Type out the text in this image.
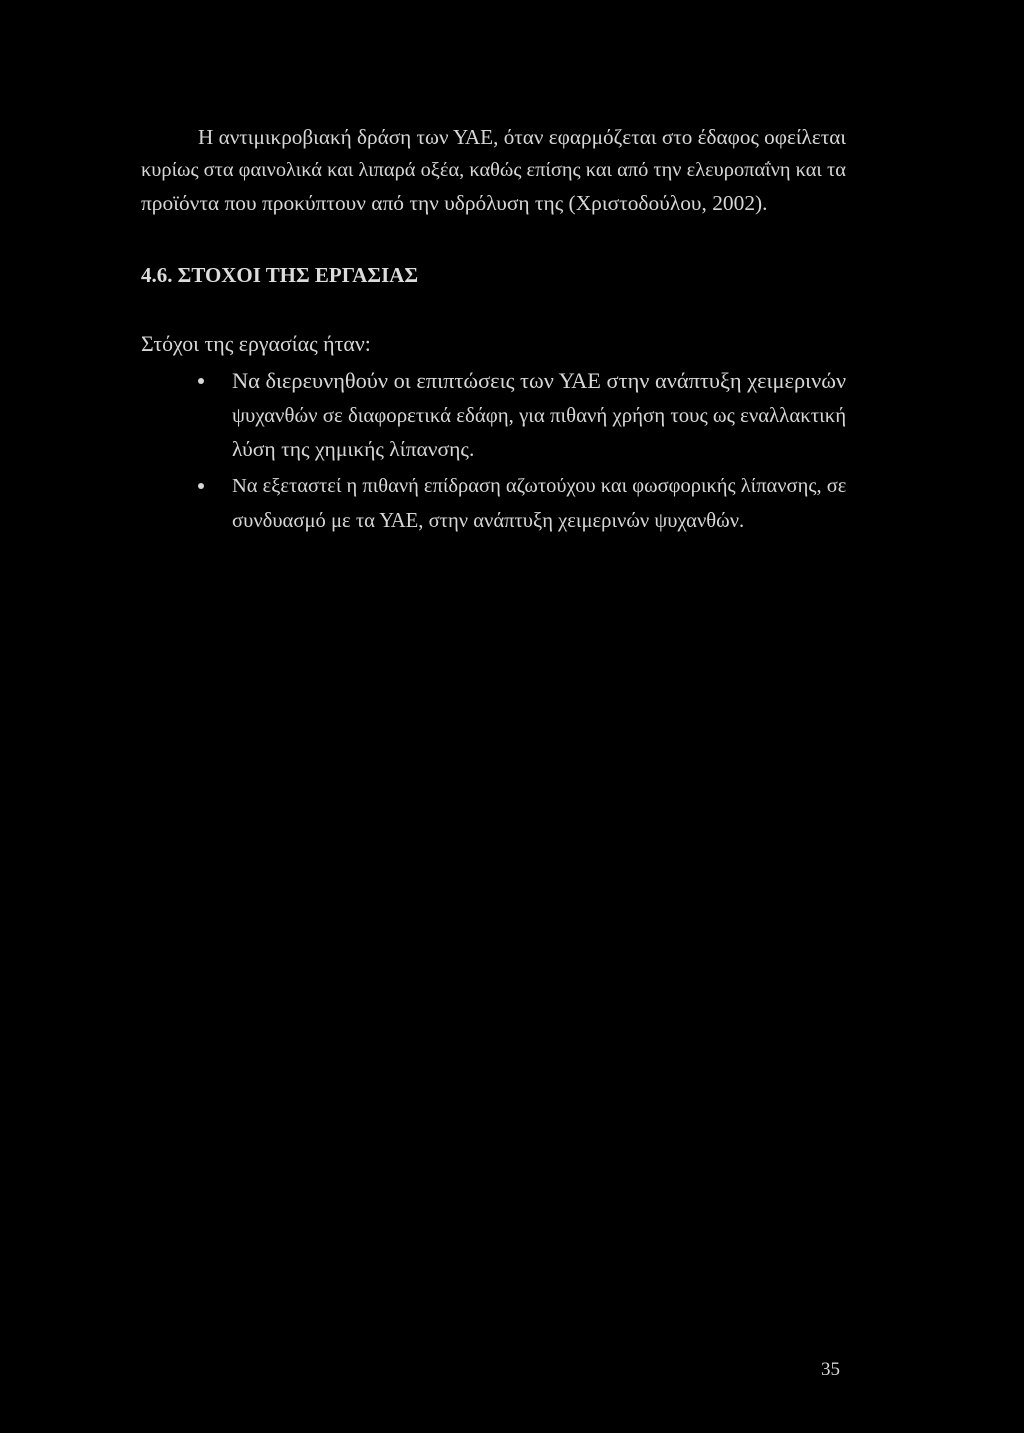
Η αντιμικροβιακή δράση των ΥΑΕ, όταν εφαρμόζεται στο έδαφος οφείλεται
κυρίως στα φαινολικά και λιπαρά οξέα, καθώς επίσης και από την ελευροπαΐνη και τα
προϊόντα που προκύπτουν από την υδρόλυση της (Χριστοδούλου, 2002).
4.6. ΣΤΟΧΟΙ ΤΗΣ ΕΡΓΑΣΙΑΣ
Στόχοι της εργασίας ήταν:
Να διερευνηθούν οι επιπτώσεις των ΥΑΕ στην ανάπτυξη χειμερινών
ψυχανθών σε διαφορετικά εδάφη, για πιθανή χρήση τους ως εναλλακτική
λύση της χημικής λίπανσης.
Να εξεταστεί η πιθανή επίδραση αζωτούχου και φωσφορικής λίπανσης, σε
συνδυασμό με τα ΥΑΕ, στην ανάπτυξη χειμερινών ψυχανθών.
35
